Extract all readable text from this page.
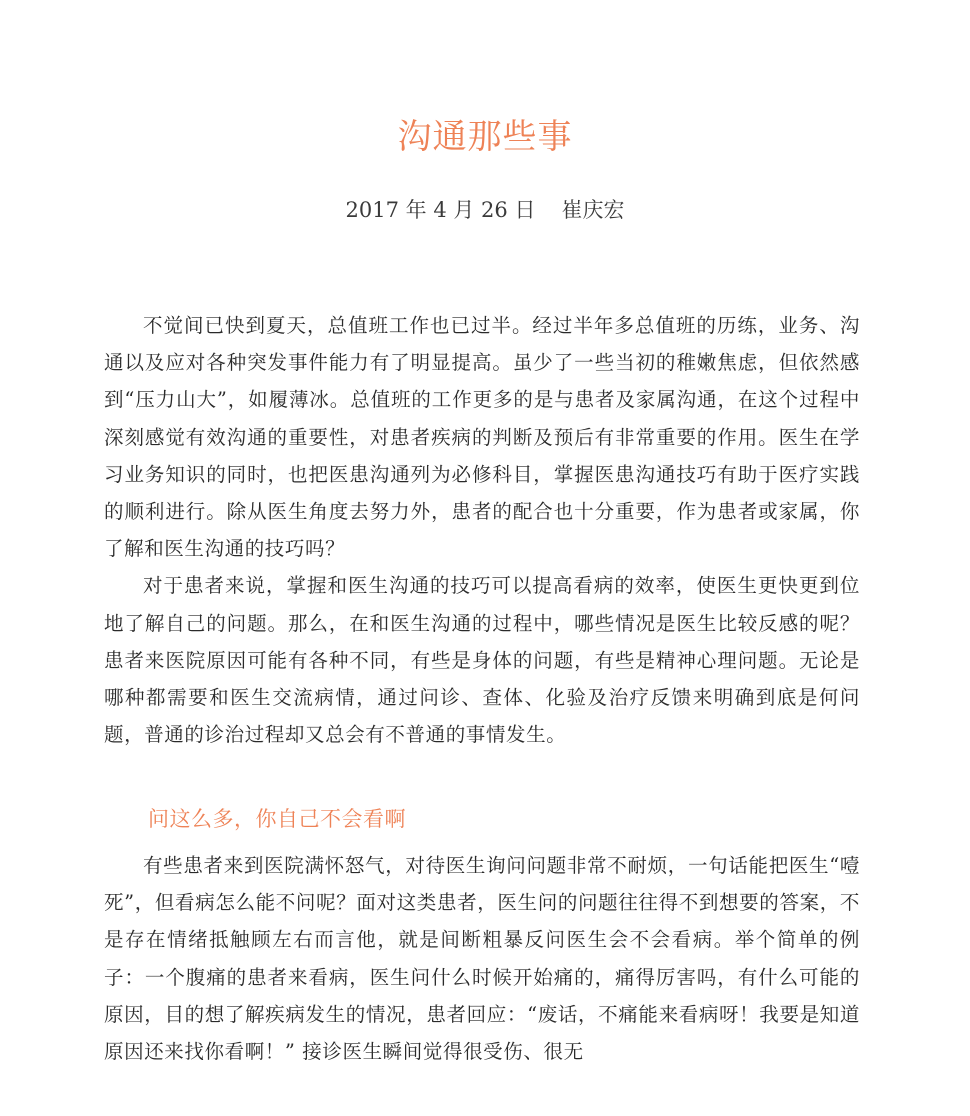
沟通那些事
2017 年 4 月 26 日 崔庆宏

不觉间已快到夏天，总值班工作也已过半。经过半年多总值班的历练，业务、沟通以及应对各种突发事件能力有了明显提高。虽少了一些当初的稚嫩焦虑，但依然感到“压力山大”，如履薄冰。总值班的工作更多的是与患者及家属沟通，在这个过程中深刻感觉有效沟通的重要性，对患者疾病的判断及预后有非常重要的作用。医生在学习业务知识的同时，也把医患沟通列为必修科目，掌握医患沟通技巧有助于医疗实践的顺利进行。除从医生角度去努力外，患者的配合也十分重要，作为患者或家属，你了解和医生沟通的技巧吗？

对于患者来说，掌握和医生沟通的技巧可以提高看病的效率，使医生更快更到位地了解自己的问题。那么，在和医生沟通的过程中，哪些情况是医生比较反感的呢？患者来医院原因可能有各种不同，有些是身体的问题，有些是精神心理问题。无论是哪种都需要和医生交流病情，通过问诊、查体、化验及治疗反馈来明确到底是何问题，普通的诊治过程却又总会有不普通的事情发生。

问这么多，你自己不会看啊

有些患者来到医院满怀怒气，对待医生询问问题非常不耐烦，一句话能把医生“噎死”，但看病怎么能不问呢？面对这类患者，医生问的问题往往得不到想要的答案，不是存在情绪抵触顾左右而言他，就是间断粗暴反问医生会不会看病。举个简单的例子：一个腹痛的患者来看病，医生问什么时候开始痛的，痛得厉害吗，有什么可能的原因，目的想了解疾病发生的情况，患者回应：“废话，不痛能来看病呀！我要是知道原因还来找你看啊！” 接诊医生瞬间觉得很受伤、很无
